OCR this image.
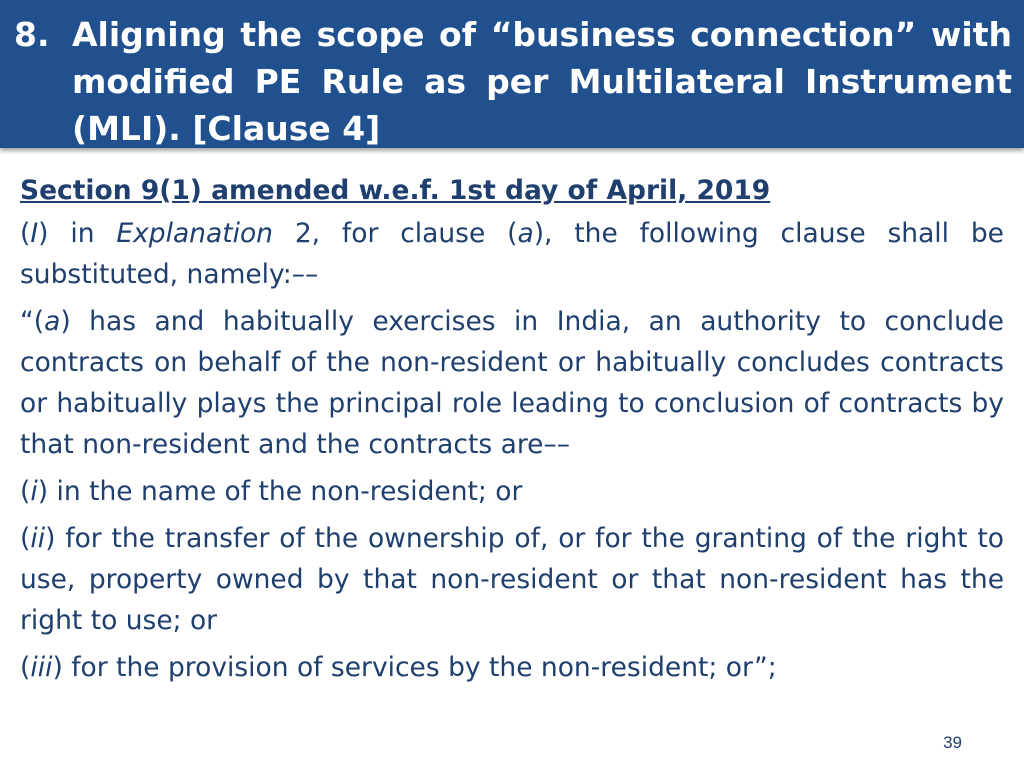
8. Aligning the scope of “business connection” with modified PE Rule as per Multilateral Instrument (MLI). [Clause 4]

Section 9(1) amended w.e.f. 1st day of April, 2019

(I) in Explanation 2, for clause (a), the following clause shall be substituted, namely:––

“(a) has and habitually exercises in India, an authority to conclude contracts on behalf of the non-resident or habitually concludes contracts or habitually plays the principal role leading to conclusion of contracts by that non-resident and the contracts are––

(i) in the name of the non-resident; or

(ii) for the transfer of the ownership of, or for the granting of the right to use, property owned by that non-resident or that non-resident has the right to use; or

(iii) for the provision of services by the non-resident; or”;

39
